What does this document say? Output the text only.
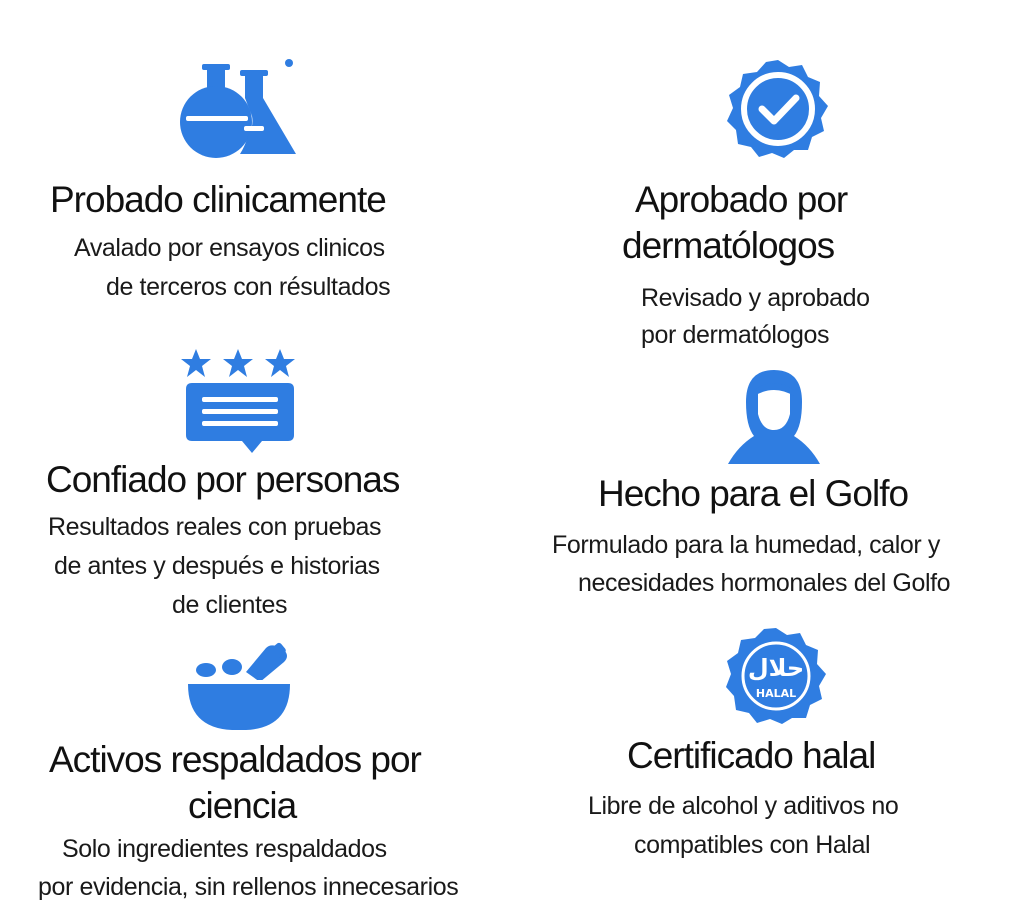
Probado clinicamente
Avalado por ensayos clinicos
de terceros con résultados
Aprobado por
dermatólogos
Revisado y aprobado
por dermatólogos
Confiado por personas
Resultados reales con pruebas
de antes y después e historias
de clientes
Hecho para el Golfo
Formulado para la humedad, calor y
necesidades hormonales del Golfo
Activos respaldados por
ciencia
Solo ingredientes respaldados
por evidencia, sin rellenos innecesarios
حلال
HALAL
Certificado halal
Libre de alcohol y aditivos no
compatibles con Halal
